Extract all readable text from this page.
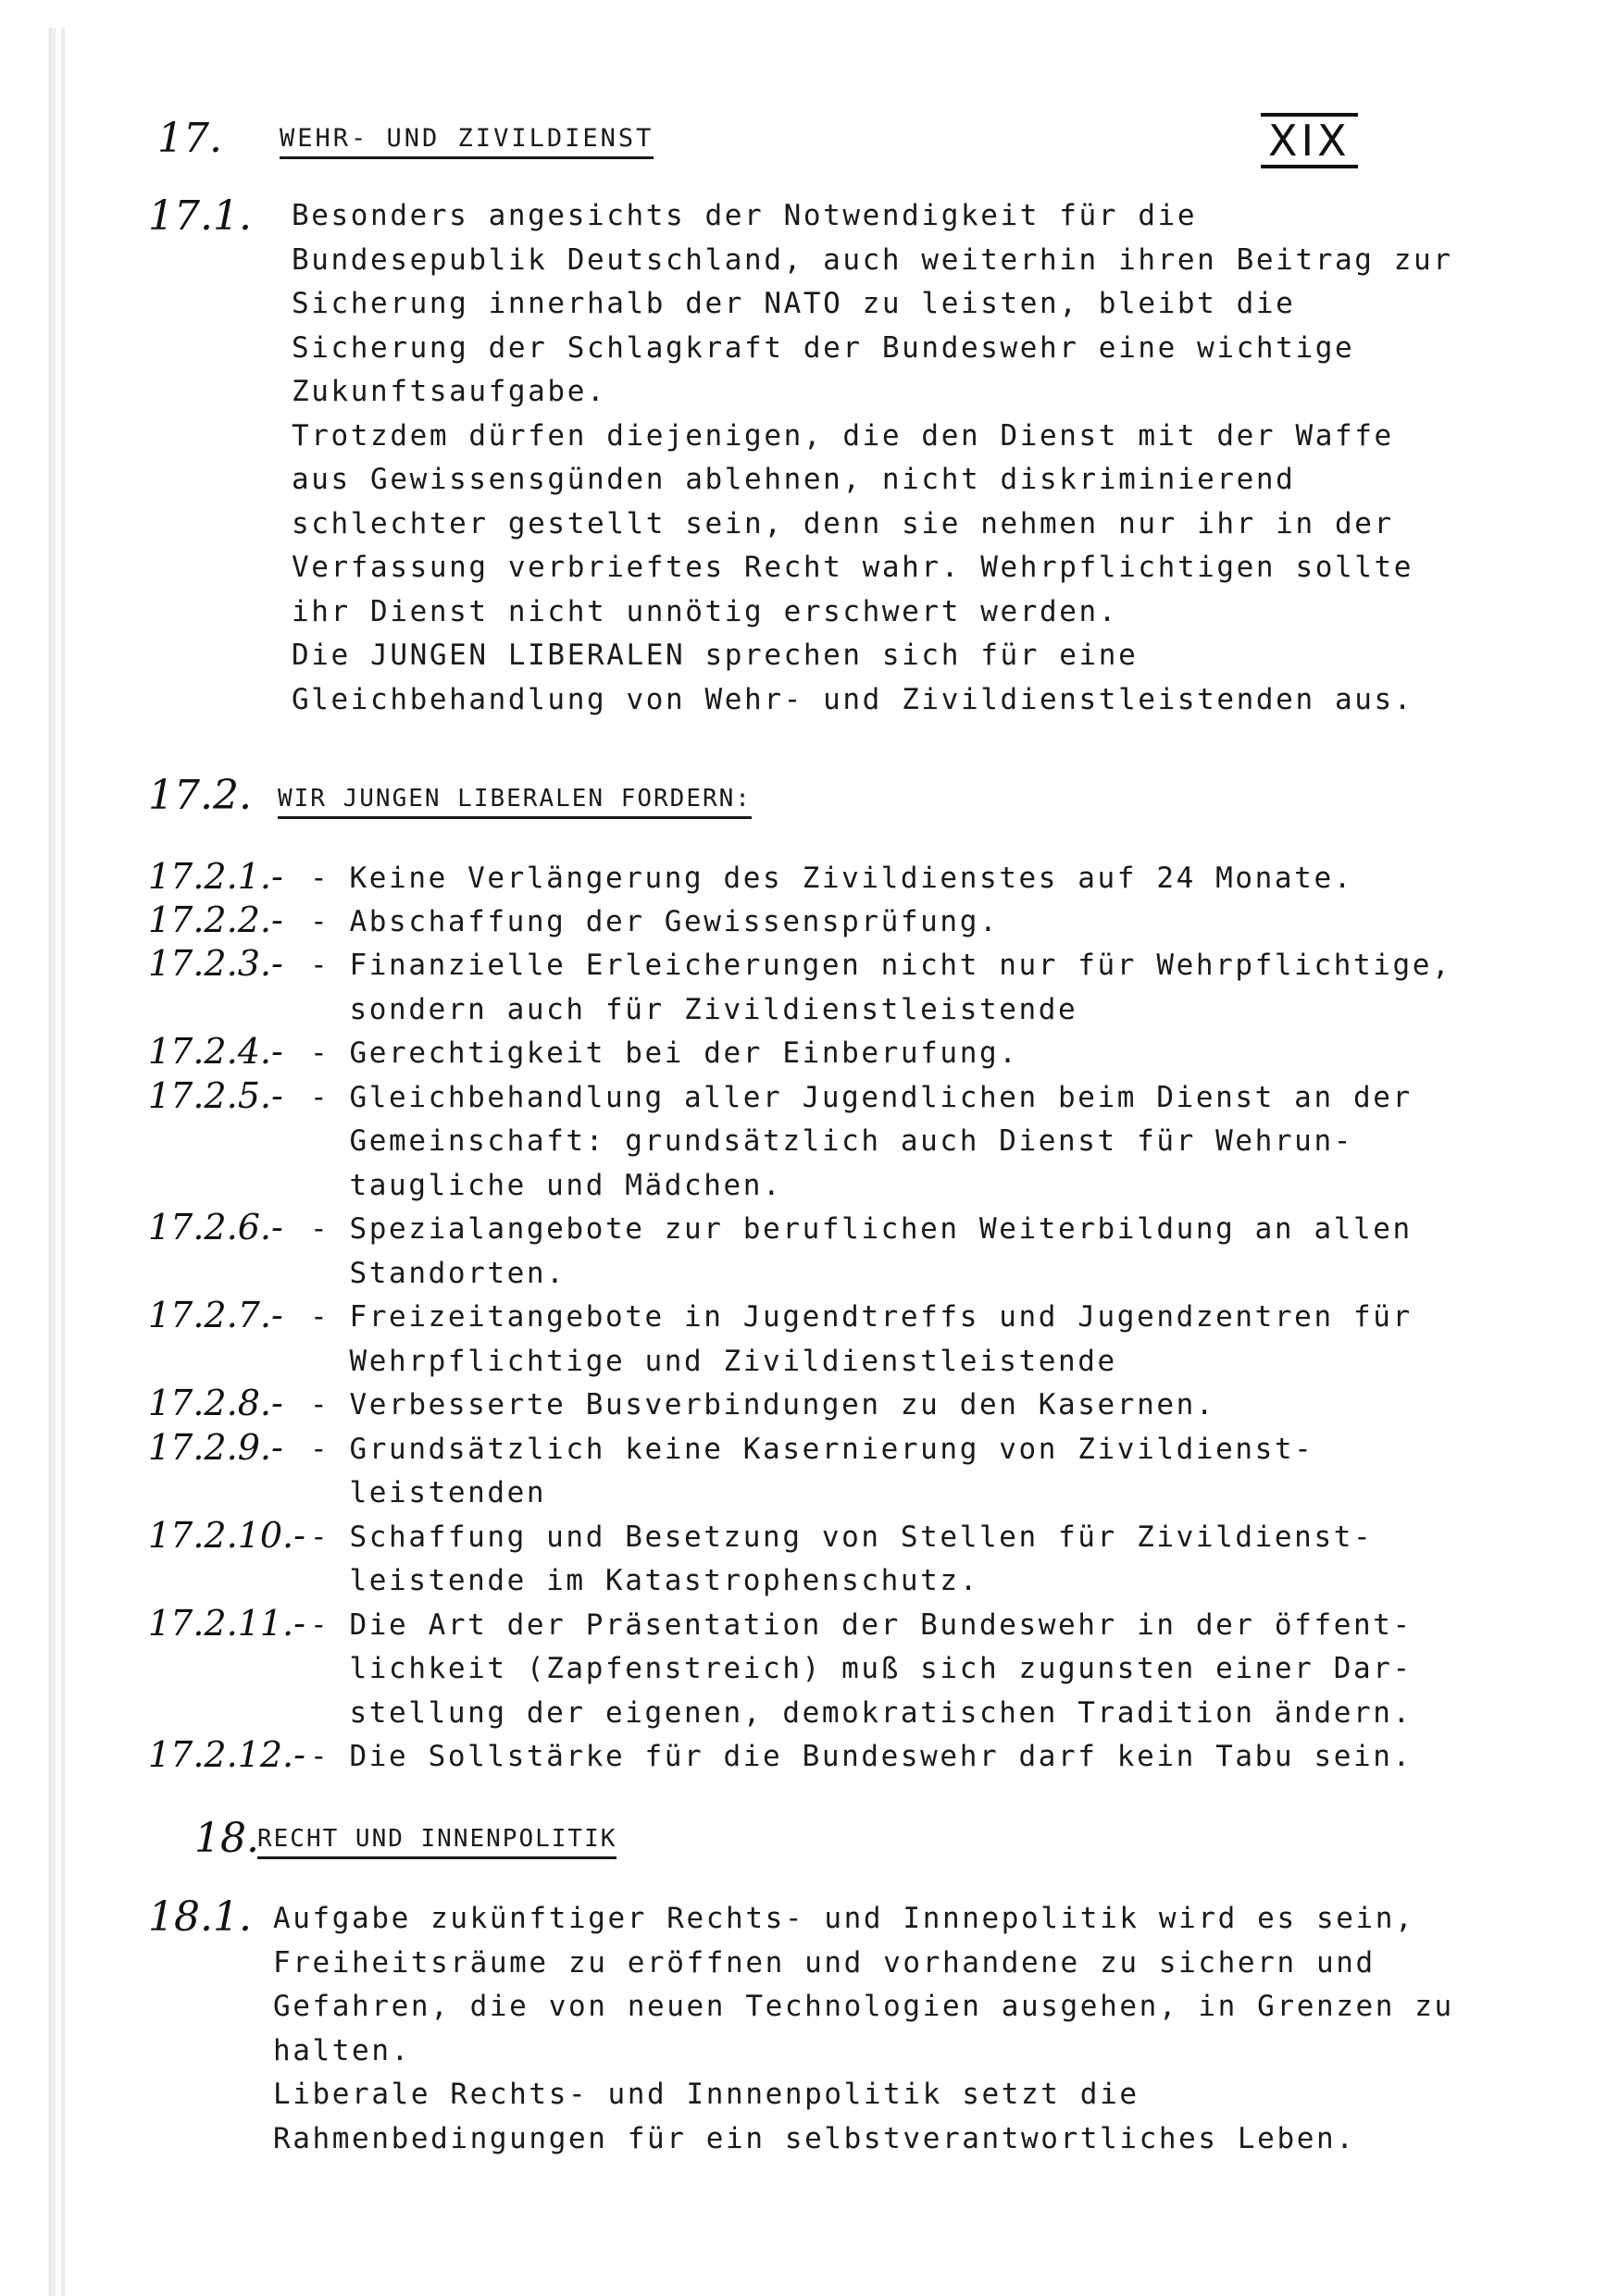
XIX
17. WEHR- UND ZIVILDIENST
17.1. Besonders angesichts der Notwendigkeit für die
Bundesepublik Deutschland, auch weiterhin ihren Beitrag zur
Sicherung innerhalb der NATO zu leisten, bleibt die
Sicherung der Schlagkraft der Bundeswehr eine wichtige
Zukunftsaufgabe.
Trotzdem dürfen diejenigen, die den Dienst mit der Waffe
aus Gewissensgünden ablehnen, nicht diskriminierend
schlechter gestellt sein, denn sie nehmen nur ihr in der
Verfassung verbrieftes Recht wahr. Wehrpflichtigen sollte
ihr Dienst nicht unnötig erschwert werden.
Die JUNGEN LIBERALEN sprechen sich für eine
Gleichbehandlung von Wehr- und Zivildienstleistenden aus.
17.2. WIR JUNGEN LIBERALEN FORDERN:
17.2.1.- - Keine Verlängerung des Zivildienstes auf 24 Monate.
17.2.2.- - Abschaffung der Gewissensprüfung.
17.2.3.- - Finanzielle Erleicherungen nicht nur für Wehrpflichtige,
sondern auch für Zivildienstleistende
17.2.4.- - Gerechtigkeit bei der Einberufung.
17.2.5.- - Gleichbehandlung aller Jugendlichen beim Dienst an der
Gemeinschaft: grundsätzlich auch Dienst für Wehrun-
taugliche und Mädchen.
17.2.6.- - Spezialangebote zur beruflichen Weiterbildung an allen
Standorten.
17.2.7.- - Freizeitangebote in Jugendtreffs und Jugendzentren für
Wehrpflichtige und Zivildienstleistende
17.2.8.- - Verbesserte Busverbindungen zu den Kasernen.
17.2.9.- - Grundsätzlich keine Kasernierung von Zivildienst-
leistenden
17.2.10.- - Schaffung und Besetzung von Stellen für Zivildienst-
leistende im Katastrophenschutz.
17.2.11.- - Die Art der Präsentation der Bundeswehr in der öffent-
lichkeit (Zapfenstreich) muß sich zugunsten einer Dar-
stellung der eigenen, demokratischen Tradition ändern.
17.2.12.- - Die Sollstärke für die Bundeswehr darf kein Tabu sein.
18.
RECHT UND INNENPOLITIK
18.1. Aufgabe zukünftiger Rechts- und Innnepolitik wird es sein,
Freiheitsräume zu eröffnen und vorhandene zu sichern und
Gefahren, die von neuen Technologien ausgehen, in Grenzen zu
halten.
Liberale Rechts- und Innnenpolitik setzt die
Rahmenbedingungen für ein selbstverantwortliches Leben.
